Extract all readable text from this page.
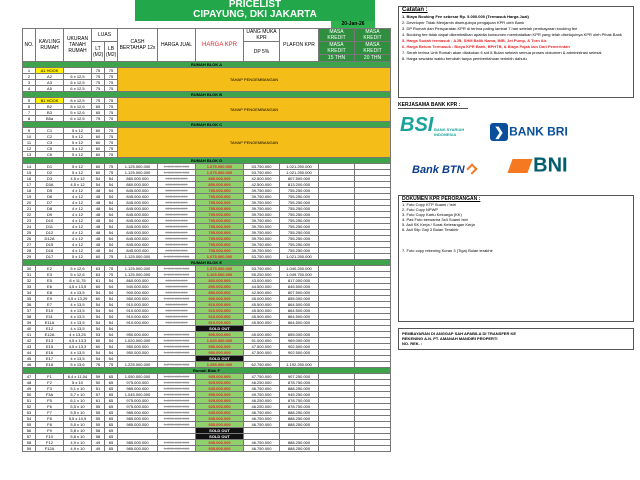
PRICELIST
CIPAYUNG, DKI JAKARTA
20-Jan-26
NO.	KAVLING RUMAH	UKURAN TANAH RUMAH	LUAS		CASH BERTAHAP 12x	HARGA JUAL	HARGA KPR	UANG MUKA KPR	PLAFON KPR	MASA KREDIT	MASA KREDIT
			LT (M2)	LB (M2)				DP 5%		MASA KREDIT	MASA KREDIT
										15 THN	20 THN
RUMAH BLOK A											
1	A1 HOOK		75	75	TAHAP PENGEMBANGAN						
2	A2	6 x 12,5	75	75							
3	A3	6 x 12,5	75	75							
4	A5	6 x 12,5	75	75							
RUMAH BLOK B											
5	B1 HOOK	8 x 12,5	75	75	TAHAP PENGEMBANGAN						
6	B2	8 x 12,6	65	75							
7	B3	5 x 12,6	65	75							
8	B5a	6 x 12,5	75	75							
RUMAH BLOK C											
9	C1	5 x 12	60	75	TAHAP PENGEMBANGAN						
10	C2	5 x 12	60	75							
11	C3	5 x 12	60	75							
12	C5	5 x 12	60	75							
13	C6	5 x 12	60	75							
RUMAH BLOK D											
14	D1	5 x 12	60	75	1.125.000.000	1.150.000.000	1.075.000.000	53.750.000	1.021.250.000		
15	D2	5 x 12	60	75	1.125.000.000	1.150.000.000	1.075.000.000	53.750.000	1.021.250.000		
16	D3	4,5 x 12	54	54	860.000.000	900.000.000	850.000.000	42.500.000	807.500.000		
17	D3A	4,5 x 12	54	54	860.000.000	900.000.000	850.000.000	42.500.000	813.200.000		
18	D5	4 x 12	48	54	845.000.000	895.000.000	795.000.000	39.750.000	755.250.000		
19	D6	4 x 12	48	54	845.000.000	895.000.000	795.000.000	39.750.000	755.250.000		
20	D7	4 x 12	48	54	845.000.000	895.000.000	795.000.000	39.750.000	755.250.000		
21	D8	4 x 12	48	54	845.000.000	825.000.000	795.000.000	39.750.000	755.250.000		
22	D9	4 x 12	48	54	845.000.000	895.000.000	795.000.000	39.750.000	755.250.000		
23	D10	4 x 12	48	54	845.000.000	895.000.000	795.000.000	39.750.000	755.250.000		
24	D11	4 x 12	48	54	845.000.000	895.000.000	795.000.000	39.750.000	755.250.000		
25	D12	4 x 12	48	54	845.000.000	895.000.000	795.000.000	39.750.000	755.250.000		
26	D12A	4 x 12	48	54	845.000.000	895.000.000	795.000.000	39.750.000	755.250.000		
27	D15	4 x 12	48	54	845.000.000	895.000.000	795.000.000	39.750.000	755.250.000		
28	D16	4 x 12	48	54	845.000.000	895.000.000	795.000.000	39.750.000	755.250.000		
29	D17	5 x 12	60	75	1.125.000.000	1.150.000.000	1.075.000.000	53.750.000	1.021.250.000		
RUMAH BLOK E											
30	E2	5 x 12,6	63	75	1.125.000.000	1.150.000.000	1.075.000.000	53.750.000	1.040.250.000		
31	E3	5 x 12,6	63	75	1.125.000.000	1.150.000.000	1.105.000.000	55.250.000	1.049.750.000		
32	E5	8 x 11,75	61	54	860.000.000	900.000.000	860.000.000	43.000.000	817.000.000		
33	E6	4,5 x 13,5	60	54	940.000.000	980.000.000	890.000.000	44.500.000	845.500.000		
34	E8	4 x 13,5	54	54	900.000.000	950.000.000	850.000.000	42.500.000	807.500.000		
35	E9	4,5 x 13,29	60	54	950.000.000	1.000.000.000	900.000.000	45.000.000	855.000.000		
36	E7	4 x 13,5	54	54	910.000.000	960.000.000	910.000.000	45.500.000	864.500.000		
37	E10	4 x 13,5	54	54	910.000.000	960.000.000	910.000.000	45.500.000	864.500.000		
38	E11	4 x 13,5	54	54	910.000.000	960.000.000	910.000.000	45.500.000	864.500.000		
39	E11A	4 x 13,5	54	54	910.000.000	960.000.000	910.000.000	45.500.000	864.500.000		
40	E12	4 x 13,5	54	54			SOLD OUT				
41	E12A	4 x 13,25	53	54	950.000.000	1.000.000.000	900.000.000	45.000.000	855.000.000		
42	E13	4,5 x 13,3	60	54	1.020.000.000	1.065.000.000	1.020.000.000	51.000.000	969.000.000		
43	E15	4,5 x 13,3	60	54	950.000.000	1.000.000.000	950.000.000	47.500.000	902.500.000		
44	E16	4 x 13,5	54	54	950.000.000	1.000.000.000	950.000.000	47.500.000	902.500.000		
45	E17	4 x 13,5	54	54			SOLD OUT				
46	E18	5 x 13,6	76	75	1.225.000.000	1.275.000.000	1.255.000.000	62.750.000	1.192.250.000		
Rumah Blok F											
47	F1	6,4 x 11,04	59	65	1.050.000.000	1.100.000.000	955.000.000	47.750.000	907.250.000		
48	F2	5 x 10	50	65	975.000.000	1.000.000.000	925.000.000	46.250.000	878.750.000		
49	F3	5,1 x 10	51	65	985.000.000	1.035.000.000	935.000.000	46.750.000	888.250.000		
50	F3A	5,7 x 10	57	65	1.045.000.000	1.095.000.000	995.000.000	49.750.000	945.250.000		
51	F5	6,1 x 10	61	65	975.000.000	1.025.000.000	925.000.000	46.250.000	878.750.000		
52	F6	5,5 x 10	55	65	975.000.000	1.025.000.000	925.000.000	46.250.000	878.750.000		
53	F7	5,5 x 10	55	65	985.000.000	1.035.000.000	935.000.000	46.750.000	888.250.000		
54	F8	5,5 x 10,9	55	65	985.000.000	1.035.000.000	935.000.000	46.750.000	888.250.000		
55	F8	5,5 x 10	55	65	985.000.000	1.035.000.000	935.000.000	46.750.000	888.250.000		
56	F9	5,8 x 10	58	65			SOLD OUT				
57	F10	5,8 x 10	58	65			SOLD OUT				
58	F12	4,9 x 10	49	65	985.000.000	1.035.000.000	935.000.000	46.750.000	888.250.000		
59	F12A	4,9 x 10	49	65	985.000.000	1.035.000.000	935.000.000	46.750.000	888.250.000		
Catatan :
1. Biaya Booking Fee sebesar Rp. 5.000.000 (Termasuk Harga Jual)
2. Developer Tidak Menjamin disetujuinya pengajuan KPR oleh Bank
3. DP Rumah dan Persyaratan KPR di terima paling lambat 7 hari setelah pembayaran booking fee
4. Booking fee tidak dapat dikembalikan apabila konsumen membatalkan KPR yang telah disetujuinya KPR oleh Pihak Bank
5. Harga Sudah termasuk : AJB, SHM Balik Nama, IMB, Jet Pump, & Torn Air.
6. Harga Belum Termasuk : Biaya KPR Bank, BPHTB, & Biaya Pajak lain Dari Pemerintah
7. Serah terima Unit Rumah akan dilakukan 6 s/d 8 Bulan setelah semua proses dokumen & administrasi selesai
8. Harga sewaktu waktu berubah tanpa pemberitahuan terlebih dahulu
KERJASAMA BANK KPR :
BSI BANK SYARIAH
INDONESIA	❯ BANK BRI
Bank BTN	BNI
DOKUMEN KPR PERORANGAN :
1. Foto Copy KTP Suami / Istri
2. Foto Copy NPWP
3. Foto Copy Kartu Keluarga (KK)
4. Pas Foto berwarna 3x4 Suami Istri
5. Asli SK Kerja / Surat Keterangan Kerja
6. Asli Slip Gaji 3 Bulan Terakhir
7. Foto copy rekening Koran 3 (Tiga) Bulan terakhir
PEMBAYARAN DI ANGGAP SAH APABILA DI TRANSFER KE
REKENING A.N. PT. AMANAH MANDIRI PROPERTI
NO. REK. :
